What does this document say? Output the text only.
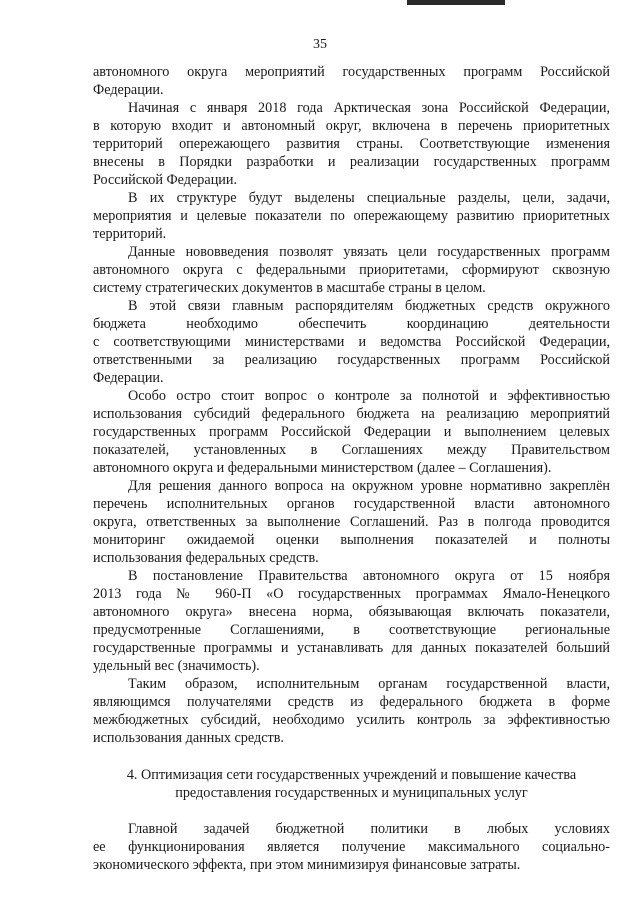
35
автономного округа мероприятий государственных программ Российской
Федерации.
Начиная с января 2018 года Арктическая зона Российской Федерации,
в которую входит и автономный округ, включена в перечень приоритетных
территорий опережающего развития страны. Соответствующие изменения
внесены в Порядки разработки и реализации государственных программ
Российской Федерации.
В их структуре будут выделены специальные разделы, цели, задачи,
мероприятия и целевые показатели по опережающему развитию приоритетных
территорий.
Данные нововведения позволят увязать цели государственных программ
автономного округа с федеральными приоритетами, сформируют сквозную
систему стратегических документов в масштабе страны в целом.
В этой связи главным распорядителям бюджетных средств окружного
бюджета необходимо обеспечить координацию деятельности
с соответствующими министерствами и ведомства Российской Федерации,
ответственными за реализацию государственных программ Российской
Федерации.
Особо остро стоит вопрос о контроле за полнотой и эффективностью
использования субсидий федерального бюджета на реализацию мероприятий
государственных программ Российской Федерации и выполнением целевых
показателей, установленных в Соглашениях между Правительством
автономного округа и федеральными министерством (далее – Соглашения).
Для решения данного вопроса на окружном уровне нормативно закреплён
перечень исполнительных органов государственной власти автономного
округа, ответственных за выполнение Соглашений. Раз в полгода проводится
мониторинг ожидаемой оценки выполнения показателей и полноты
использования федеральных средств.
В постановление Правительства автономного округа от 15 ноября
2013 года № 960-П «О государственных программах Ямало-Ненецкого
автономного округа» внесена норма, обязывающая включать показатели,
предусмотренные Соглашениями, в соответствующие региональные
государственные программы и устанавливать для данных показателей больший
удельный вес (значимость).
Таким образом, исполнительным органам государственной власти,
являющимся получателями средств из федерального бюджета в форме
межбюджетных субсидий, необходимо усилить контроль за эффективностью
использования данных средств.
4. Оптимизация сети государственных учреждений и повышение качества
предоставления государственных и муниципальных услуг
Главной задачей бюджетной политики в любых условиях
ее функционирования является получение максимального социально-
экономического эффекта, при этом минимизируя финансовые затраты.
